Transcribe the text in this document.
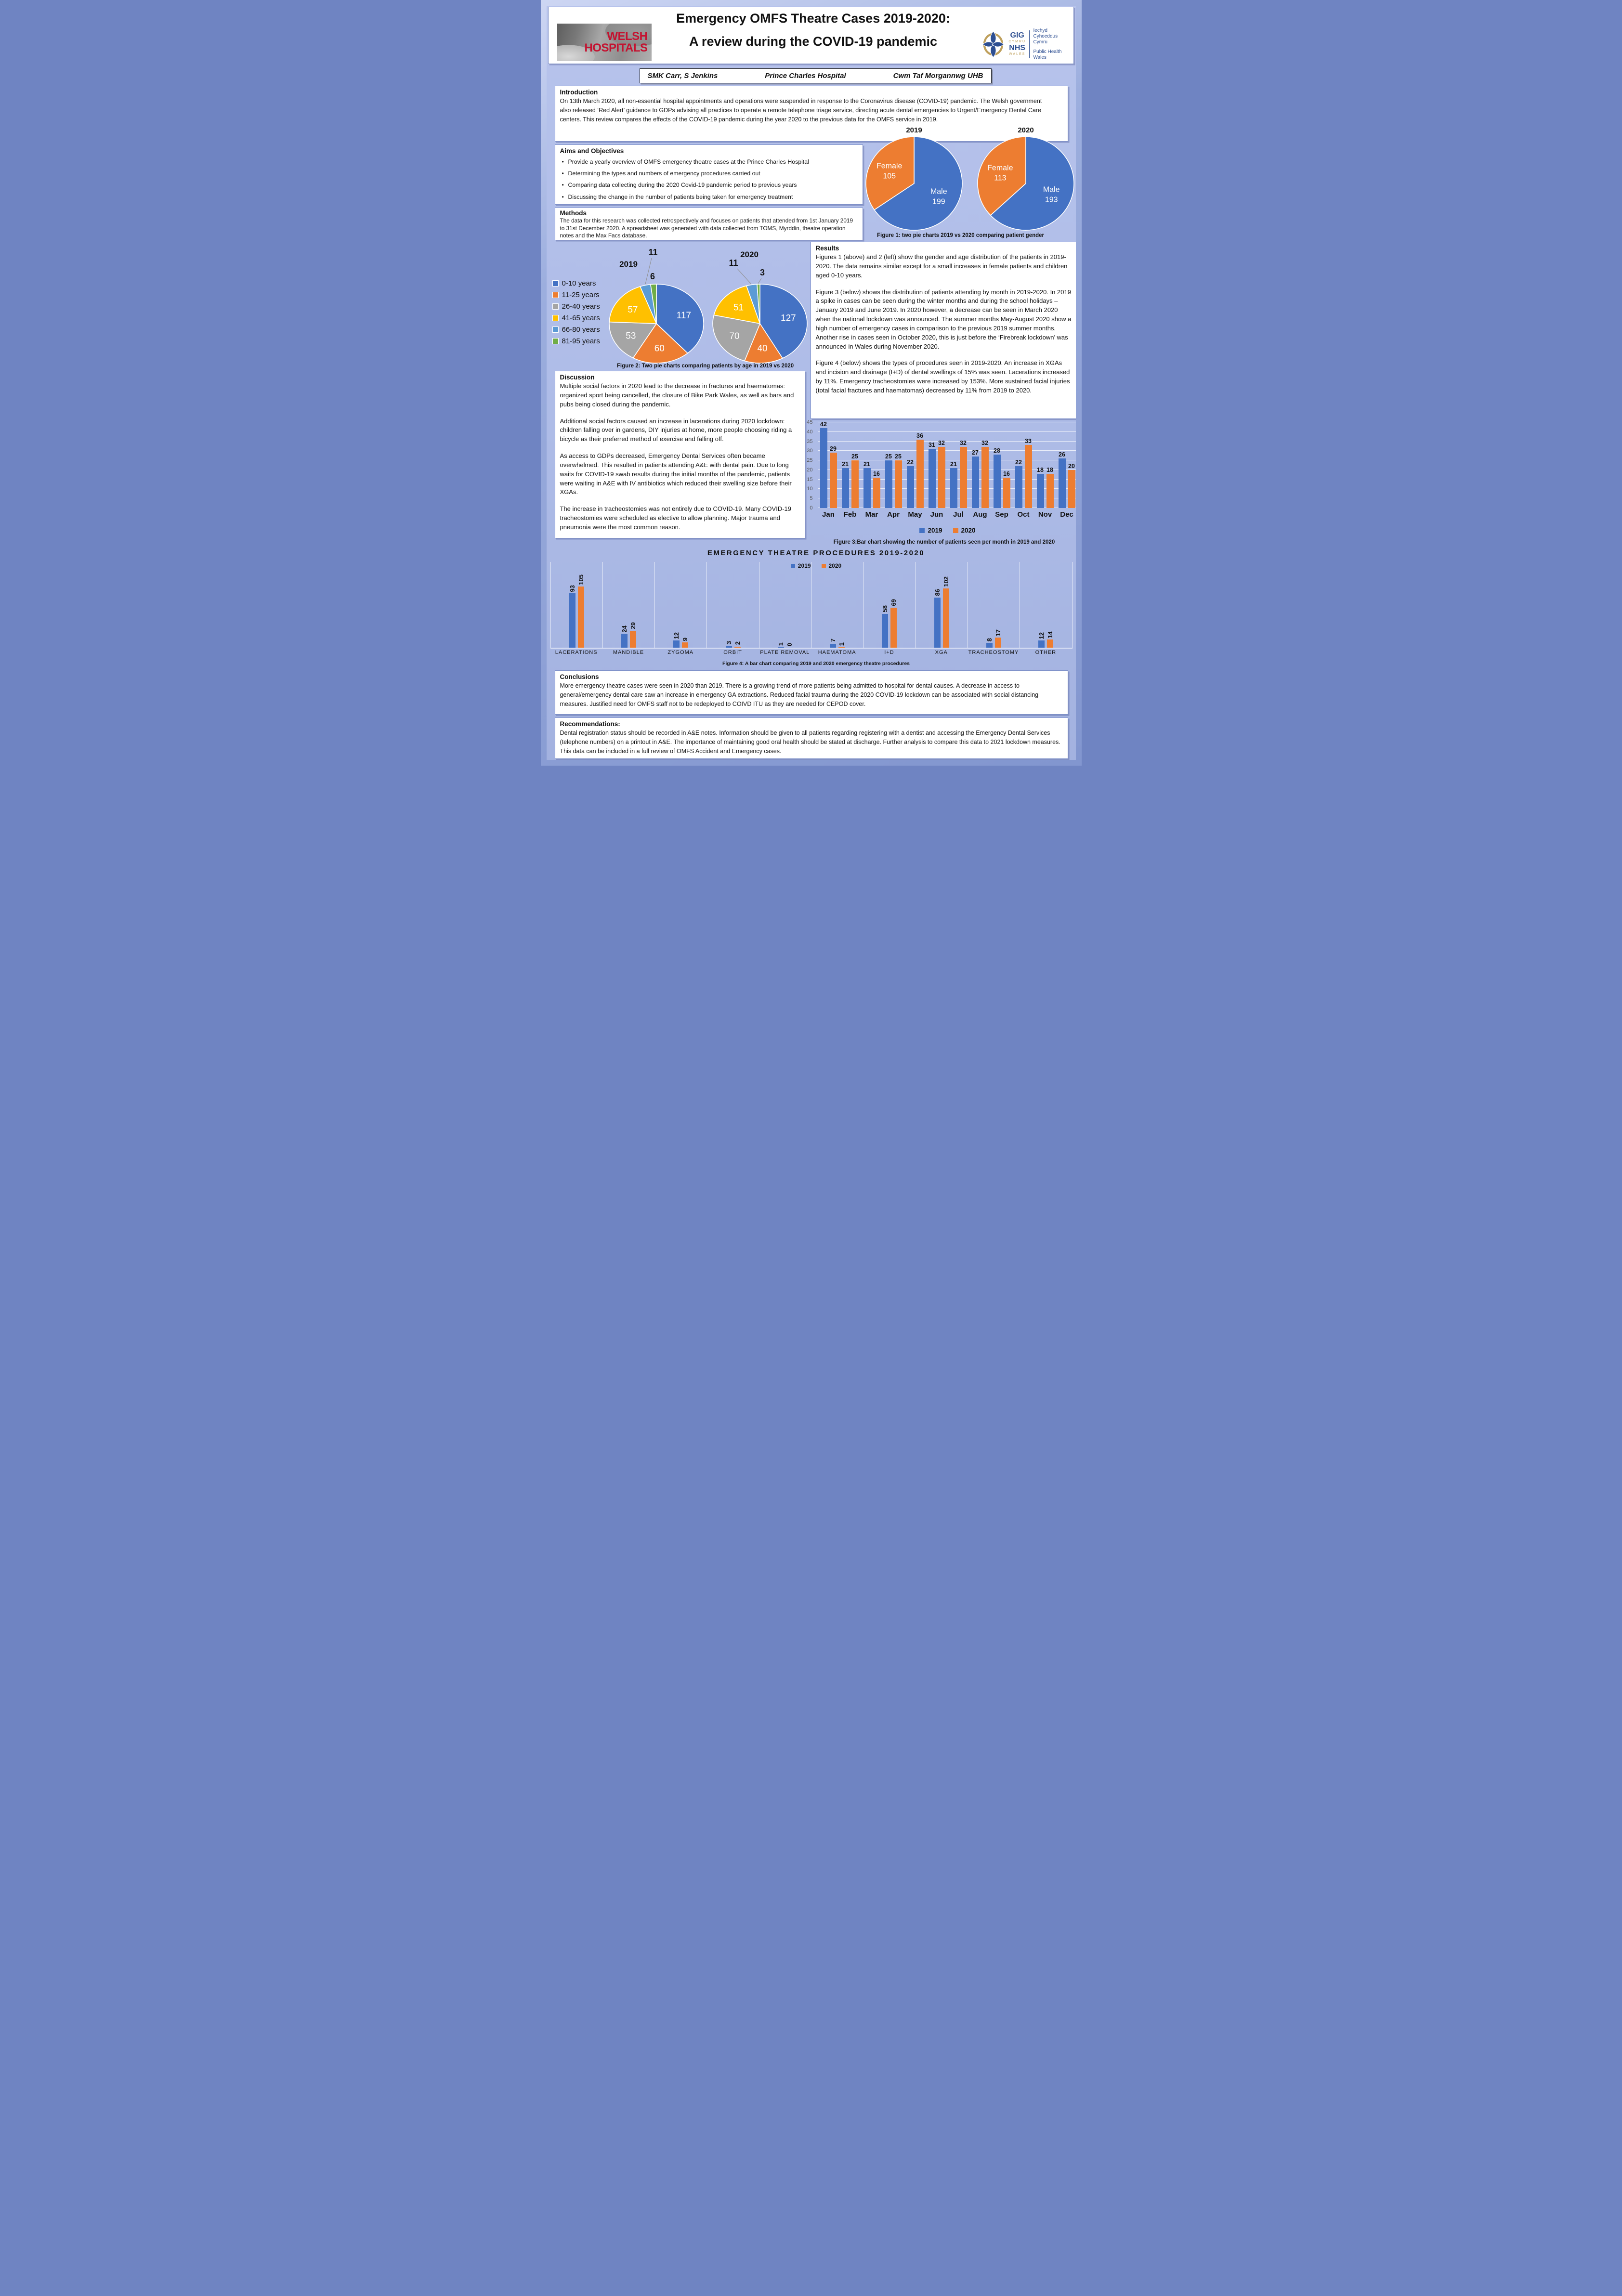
WELSH
HOSPITALS
Emergency OMFS Theatre Cases 2019-2020:
A review during the COVID-19 pandemic	GIG
CYMRU
NHS
WALES
Iechyd Cyhoeddus
Cymru
Public Health
Wales
SMK Carr, S Jenkins	Prince Charles Hospital	Cwm Taf Morgannwg UHB
Introduction
On 13th March 2020, all non-essential hospital appointments and operations were suspended in response to the Coronavirus disease (COVID-19) pandemic. The Welsh government also released ‘Red Alert’ guidance to GDPs advising all practices to operate a remote telephone triage service, directing acute dental emergencies to Urgent/Emergency Dental Care centers. This review compares the effects of the COVID-19 pandemic during the year 2020 to the previous data for the OMFS service in 2019.
Male
199
Female
105
2019
Male
193
Female
113
2020
Figure 1: two pie charts 2019 vs 2020 comparing patient gender
Aims and Objectives
• Provide a yearly overview of OMFS emergency theatre cases at the Prince Charles Hospital
• Determining the types and numbers of emergency procedures carried out
• Comparing data collecting during the 2020 Covid-19 pandemic period to previous years
• Discussing the change in the number of patients being taken for emergency treatment
Methods
The data for this research was collected retrospectively and focuses on patients that attended from 1st January 2019 to 31st December 2020. A spreadsheet was generated with data collected from TOMS, Myrddin, theatre operation notes and the Max Facs database.
Results

Figures 1 (above) and 2 (left) show the gender and age distribution of the patients in 2019-2020. The data remains similar except for a small increases in female patients and children aged 0-10 years.

Figure 3 (below) shows the distribution of patients attending by month in 2019-2020. In 2019 a spike in cases can be seen during the winter months and during the school holidays –January 2019 and June 2019. In 2020 however, a decrease can be seen in March 2020 when the national lockdown was announced. The summer months May-August 2020 show a high number of emergency cases in comparison to the previous 2019 summer months. Another rise in cases seen in October 2020, this is just before the ‘Firebreak lockdown’ was announced in Wales during November 2020.

Figure 4 (below) shows the types of procedures seen in 2019-2020. An increase in XGAs and incision and drainage (I+D) of dental swellings of 15% was seen. Lacerations increased by 11%. Emergency tracheostomies were increased by 153%. More sustained facial injuries (total facial fractures and haematomas) decreased by 11% from 2019 to 2020.

0-10 years
11-25 years
26-40 years
41-65 years
66-80 years
81-95 years
117
60
53
57
11
6
2019
127
40
70
51
11
3
2020
Figure 2: Two pie charts comparing patients by age in 2019 vs 2020
Discussion

Multiple social factors in 2020 lead to the decrease in fractures and haematomas: organized sport being cancelled, the closure of Bike Park Wales, as well as bars and pubs being closed during the pandemic.

Additional social factors caused an increase in lacerations during 2020 lockdown: children falling over in gardens, DIY injuries at home, more people choosing riding a bicycle as their preferred method of exercise and falling off.

As access to GDPs decreased, Emergency Dental Services often became overwhelmed. This resulted in patients attending A&E with dental pain. Due to long waits for COVID-19 swab results during the initial months of the pandemic, patients were waiting in A&E with IV antibiotics which reduced their swelling size before their XGAs.

The increase in tracheostomies was not entirely due to COVID-19. Many COVID-19 tracheostomies were scheduled as elective to allow planning. Major trauma and pneumonia were the most common reason.

0
5
10
15
20
25
30
35
40
45 42
29
21
25
21
16
25 25
22
36
31 32
21
32
27
32
28
16
22
33
18 18
26
20
Jan	Feb	Mar	Apr	May	Jun	Jul	Aug	Sep	Oct	Nov	Dec
2019	2020
Figure 3:Bar chart showing the number of patients seen per month in 2019 and 2020
EMERGENCY THEATRE PROCEDURES 2019-2020
2019	2020
93
105
24 29
12
9
3 2	1 0
7
1
58
69
86
102
8
17	12 14
LACERATIONS	MANDIBLE	ZYGOMA	ORBIT	PLATE REMOVAL	HAEMATOMA	I+D	XGA	TRACHEOSTOMY	OTHER
Figure 4: A bar chart comparing 2019 and 2020 emergency theatre procedures
Conclusions
More emergency theatre cases were seen in 2020 than 2019. There is a growing trend of more patients being admitted to hospital for dental causes. A decrease in access to general/emergency dental care saw an increase in emergency GA extractions. Reduced facial trauma during the 2020 COVID-19 lockdown can be associated with social distancing measures. Justified need for OMFS staff not to be redeployed to COIVD ITU as they are needed for CEPOD cover.
Recommendations:
Dental registration status should be recorded in A&E notes. Information should be given to all patients regarding registering with a dentist and accessing the Emergency Dental Services (telephone numbers) on a printout in A&E. The importance of maintaining good oral health should be stated at discharge. Further analysis to compare this data to 2021 lockdown measures. This data can be included in a full review of OMFS Accident and Emergency cases.
